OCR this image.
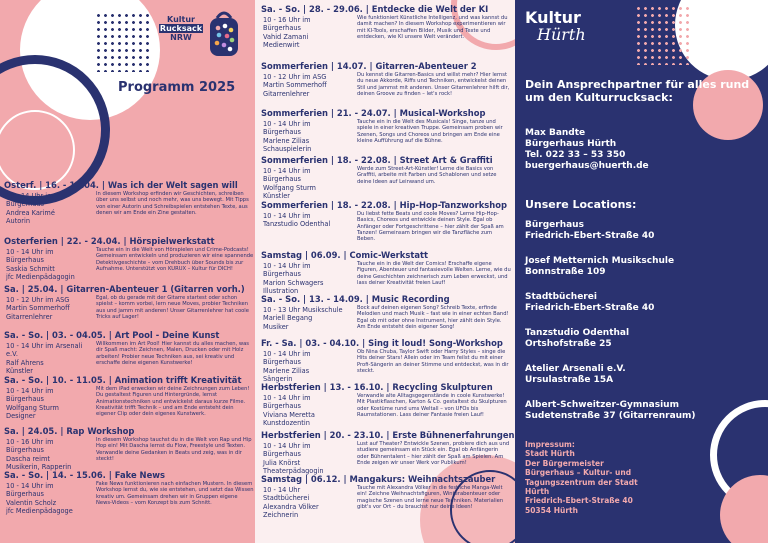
Kultur
Rucksack
NRW
Programm 2025
Osterf. | 16. - 17.04. | Was ich der Welt sagen will
10 - 14 Uhr im Bürgerhaus
Andrea Karimé
Autorin
In diesem Workshop erfinden wir Geschichten, schreiben über uns selbst und noch mehr, was uns bewegt. Mit Tipps von einer Autorin und Schreibspielen entstehen Texte, aus denen wir am Ende ein Zine gestalten.
Osterferien | 22. - 24.04. | Hörspielwerkstatt
10 - 14 Uhr im Bürgerhaus
Saskia Schmitt
jfc Medienpädagogin
Tauche ein in die Welt von Hörspielen und Crime-Podcasts! Gemeinsam entwickeln und produzieren wir eine spannende Detektivgeschichte – vom Drehbuch über Sounds bis zur Aufnahme. Unterstützt von KURUX – Kultur für DICH!
Sa. | 25.04. | Gitarren-Abenteuer 1 (Gitarren vorh.)
10 - 12 Uhr im ASG
Martin Sommerhoff
Gitarrenlehrer
Egal, ob du gerade mit der Gitarre startest oder schon spielst – komm vorbei, lern neue Moves, probier Techniken aus und jamm mit anderen! Unser Gitarrenlehrer hat coole Tricks auf Lager!
Sa. - So. | 03. - 04.05. | Art Pool - Deine Kunst
10 - 14 Uhr im Arsenali e.V.
Ralf Ahrens
Künstler
Willkommen im Art Pool! Hier kannst du alles machen, was dir Spaß macht: Zeichnen, Malen, Drucken oder mit Holz arbeiten! Probier neue Techniken aus, sei kreativ und erschaffe deine eigenen Kunstwerke!
Sa. - So. | 10. - 11.05. | Animation trifft Kreativität
10 - 14 Uhr im Bürgerhaus
Wolfgang Sturm
Designer
Mit dem iPad erwecken wir deine Zeichnungen zum Leben! Du gestaltest Figuren und Hintergründe, lernst Animationstechniken und entwickelst daraus kurze Filme. Kreativität trifft Technik – und am Ende entsteht dein eigener Clip oder dein eigenes Kunstwerk.
Sa. | 24.05. | Rap Workshop
10 - 16 Uhr im Bürgerhaus
Dascha reimt
Musikerin, Rapperin
In diesem Workshop tauchst du in die Welt von Rap und Hip Hop ein! Mit Dascha lernst du Flow, Freestyle und Texten. Verwandle deine Gedanken in Beats und zeig, was in dir steckt!
Sa. - So. | 14. - 15.06. | Fake News
10 - 14 Uhr im Bürgerhaus
Valentin Scholz
jfc Medienpädagoge
Fake News funktionieren nach einfachen Mustern. In diesem Workshop lernst du, wie sie entstehen, und setzt das Wissen kreativ um. Gemeinsam drehen wir in Gruppen eigene News-Videos – vom Konzept bis zum Schnitt.
Sa. - So. | 28. - 29.06. | Entdecke die Welt der KI
10 - 16 Uhr im Bürgerhaus
Vahid Zamani
Medienwirt
Wie funktioniert Künstliche Intelligenz, und was kannst du damit machen? In diesem Workshop experimentieren wir mit KI-Tools, erschaffen Bilder, Musik und Texte und entdecken, wie KI unsere Welt verändert.
Sommerferien | 14.07. | Gitarren-Abenteuer 2
10 - 12 Uhr im ASG
Martin Sommerhoff
Gitarrenlehrer
Du kennst die Gitarren-Basics und willst mehr? Hier lernst du neue Akkorde, Riffs und Techniken, entwickelst deinen Stil und jammst mit anderen. Unser Gitarrenlehrer hilft dir, deinen Groove zu finden – let's rock!
Sommerferien | 21. - 24.07. | Musical-Workshop
10 - 14 Uhr im Bürgerhaus
Marlene Zilias
Schauspielerin
Tauche ein in die Welt des Musicals! Singe, tanze und spiele in einer kreativen Truppe. Gemeinsam proben wir Szenen, Songs und Choreos und bringen am Ende eine kleine Aufführung auf die Bühne.
Sommerferien | 18. - 22.08. | Street Art & Graffiti
10 - 14 Uhr im Bürgerhaus
Wolfgang Sturm
Künstler
Werde zum Street-Art-Künstler! Lerne die Basics von Graffiti, arbeite mit Farben und Schablonen und setze deine Ideen auf Leinwand um.
Sommerferien | 18. - 22.08. | Hip-Hop-Tanzworkshop
10 - 14 Uhr im
Tanzstudio Odenthal
Du liebst fette Beats und coole Moves? Lerne Hip-Hop-Basics, Choreos und entwickle deinen Style. Egal ob Anfänger oder Fortgeschrittene – hier zählt der Spaß am Tanzen! Gemeinsam bringen wir die Tanzfläche zum Beben.
Samstag | 06.09. | Comic-Werkstatt
10 - 14 Uhr im Bürgerhaus
Marion Schwagers
Illustration
Tauche ein in die Welt der Comics! Erschaffe eigene Figuren, Abenteuer und fantasievolle Welten. Lerne, wie du deine Geschichten zeichnerisch zum Leben erweckst, und lass deiner Kreativität freien Lauf!
Sa. - So. | 13. - 14.09. | Music Recording
10 - 13 Uhr Musikschule
Mariell Begang
Musiker
Bock auf deinen eigenen Song? Schreib Texte, erfinde Melodien und mach Musik – fast wie in einer echten Band! Egal ob mit oder ohne Instrument, hier zählt dein Style. Am Ende entsteht dein eigener Song!
Fr. - Sa. | 03. - 04.10. | Sing it loud! Song-Workshop
10 - 14 Uhr im Bürgerhaus
Marlene Zilias
Sängerin
Ob Nina Chuba, Taylor Swift oder Harry Styles – singe die Hits deiner Stars! Allein oder im Team feilst du mit einer Profi-Sängerin an deiner Stimme und entdeckst, was in dir steckt.
Herbstferien | 13. - 16.10. | Recycling Skulpturen
10 - 14 Uhr im Bürgerhaus
Viviana Meretta
Kunstdozentin
Verwandle alte Alltagsgegenstände in coole Kunstwerke! Mit Plastikflaschen, Karton & Co. gestaltest du Skulpturen oder Kostüme rund ums Weltall – von UFOs bis Raumstationen. Lass deiner Fantasie freien Lauf!
Herbstferien | 20. - 23.10. | Erste Bühnenerfahrungen
10 - 14 Uhr im Bürgerhaus
Julia Knörst
Theaterpädagogin
Lust auf Theater? Entwickle Szenen, probiere dich aus und studiere gemeinsam ein Stück ein. Egal ob Anfängerin oder Bühnentalent – hier zählt der Spaß am Spielen. Am Ende zeigen wir unser Werk vor Publikum!
Samstag | 06.12. | Mangakurs: Weihnachtszauber
10 - 14 Uhr Stadtbücherei
Alexandra Völker
Zeichnerin
Tauche mit Alexandra Völker in die festliche Manga-Welt ein! Zeichne Weihnachtsfiguren, Winterabenteuer oder magische Szenen und lerne neue Techniken. Materialien gibt's vor Ort – du brauchst nur deine Ideen!
Kultur
Hürth
Dein Ansprechpartner für alles rund um den Kulturrucksack:
Max Bandte
Bürgerhaus Hürth
Tel. 022 33 – 53 350
buergerhaus@huerth.de
Unsere Locations:
Bürgerhaus
Friedrich-Ebert-Straße 40
Josef Metternich Musikschule
Bonnstraße 109
Stadtbücherei
Friedrich-Ebert-Straße 40
Tanzstudio Odenthal
Ortshofstraße 25
Atelier Arsenali e.V.
Ursulastraße 15A
Albert-Schweitzer-Gymnasium
Sudetenstraße 37 (Gitarrenraum)
Impressum:
Stadt Hürth
Der Bürgermeister
Bürgerhaus – Kultur- und
Tagungszentrum der Stadt
Hürth
Friedrich-Ebert-Straße 40
50354 Hürth
